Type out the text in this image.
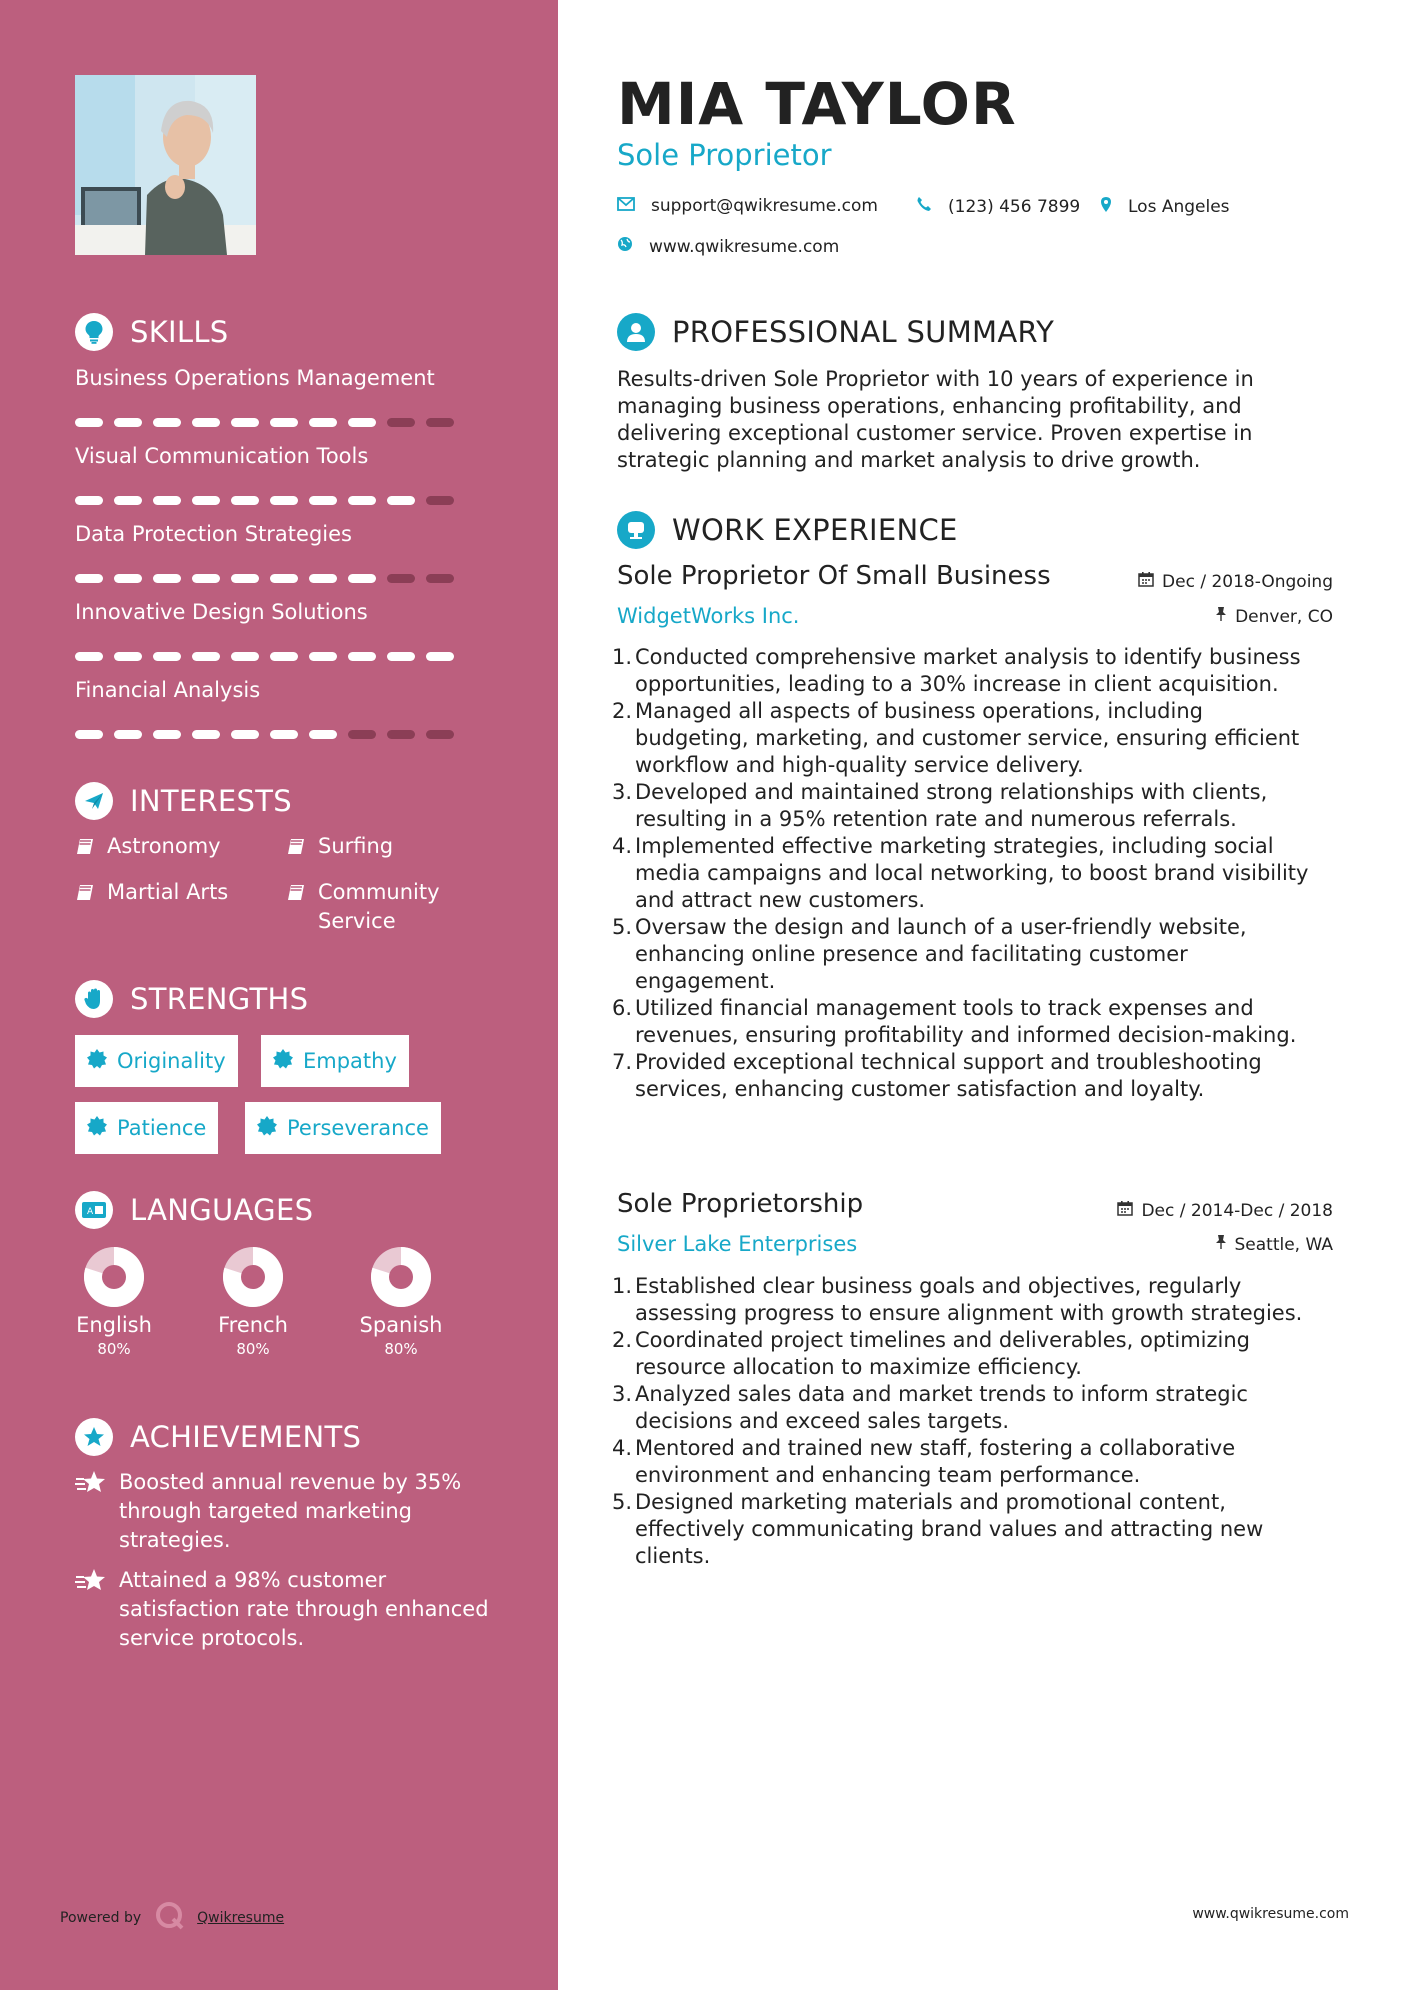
SKILLS
Business Operations Management
Visual Communication Tools
Data Protection Strategies
Innovative Design Solutions
Financial Analysis
INTERESTS
Astronomy	Surfing
Martial Arts	Community Service
STRENGTHS
Originality	Empathy
Patience	Perseverance
A LANGUAGES
English
80%
French
80%
Spanish
80%
ACHIEVEMENTS
Boosted annual revenue by 35% through targeted marketing strategies.
Attained a 98% customer satisfaction rate through enhanced service protocols.
Powered by	Qwikresume
MIA TAYLOR
Sole Proprietor
support@qwikresume.com	(123) 456 7899	Los Angeles
www.qwikresume.com
PROFESSIONAL SUMMARY
Results-driven Sole Proprietor with 10 years of experience in managing business operations, enhancing profitability, and delivering exceptional customer service. Proven expertise in strategic planning and market analysis to drive growth.
WORK EXPERIENCE
Sole Proprietor Of Small Business	Dec / 2018-Ongoing
WidgetWorks Inc.	Denver, CO
1. Conducted comprehensive market analysis to identify business opportunities, leading to a 30% increase in client acquisition.
2. Managed all aspects of business operations, including budgeting, marketing, and customer service, ensuring efficient workflow and high-quality service delivery.
3. Developed and maintained strong relationships with clients, resulting in a 95% retention rate and numerous referrals.
4. Implemented effective marketing strategies, including social media campaigns and local networking, to boost brand visibility and attract new customers.
5. Oversaw the design and launch of a user-friendly website, enhancing online presence and facilitating customer engagement.
6. Utilized financial management tools to track expenses and revenues, ensuring profitability and informed decision-making.
7. Provided exceptional technical support and troubleshooting services, enhancing customer satisfaction and loyalty.
Sole Proprietorship	Dec / 2014-Dec / 2018
Silver Lake Enterprises	Seattle, WA
1. Established clear business goals and objectives, regularly assessing progress to ensure alignment with growth strategies.
2. Coordinated project timelines and deliverables, optimizing resource allocation to maximize efficiency.
3. Analyzed sales data and market trends to inform strategic decisions and exceed sales targets.
4. Mentored and trained new staff, fostering a collaborative environment and enhancing team performance.
5. Designed marketing materials and promotional content, effectively communicating brand values and attracting new clients.
www.qwikresume.com
